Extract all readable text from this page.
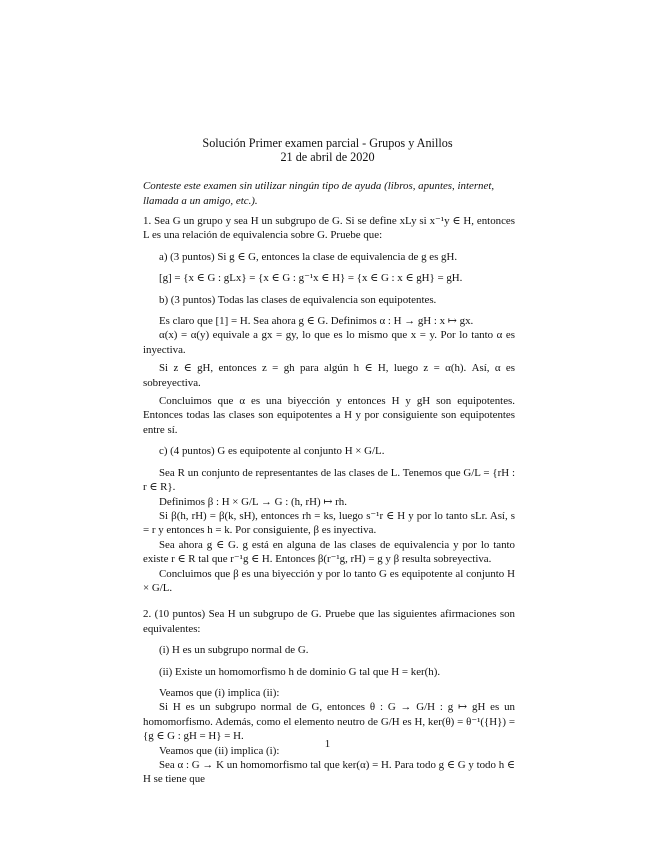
Solución Primer examen parcial - Grupos y Anillos
21 de abril de 2020
Conteste este examen sin utilizar ningún tipo de ayuda (libros, apuntes, internet, llamada a un amigo, etc.).

1. Sea G un grupo y sea H un subgrupo de G. Si se define xLy si x⁻¹y ∈ H, entonces L es una relación de equivalencia sobre G. Pruebe que:

a) (3 puntos) Si g ∈ G, entonces la clase de equivalencia de g es gH.

[g] = {x ∈ G : gLx} = {x ∈ G : g⁻¹x ∈ H} = {x ∈ G : x ∈ gH} = gH.

b) (3 puntos) Todas las clases de equivalencia son equipotentes.

Es claro que [1] = H. Sea ahora g ∈ G. Definimos α : H → gH : x ↦ gx.

α(x) = α(y) equivale a gx = gy, lo que es lo mismo que x = y. Por lo tanto α es inyectiva.

Si z ∈ gH, entonces z = gh para algún h ∈ H, luego z = α(h). Así, α es sobreyectiva.

Concluimos que α es una biyección y entonces H y gH son equipotentes. Entonces todas las clases son equipotentes a H y por consiguiente son equipotentes entre sí.

c) (4 puntos) G es equipotente al conjunto H × G/L.

Sea R un conjunto de representantes de las clases de L. Tenemos que G/L = {rH : r ∈ R}.

Definimos β : H × G/L → G : (h, rH) ↦ rh.

Si β(h, rH) = β(k, sH), entonces rh = ks, luego s⁻¹r ∈ H y por lo tanto sLr. Así, s = r y entonces h = k. Por consiguiente, β es inyectiva.

Sea ahora g ∈ G. g está en alguna de las clases de equivalencia y por lo tanto existe r ∈ R tal que r⁻¹g ∈ H. Entonces β(r⁻¹g, rH) = g y β resulta sobreyectiva.

Concluimos que β es una biyección y por lo tanto G es equipotente al conjunto H × G/L.

2. (10 puntos) Sea H un subgrupo de G. Pruebe que las siguientes afirmaciones son equivalentes:

(i) H es un subgrupo normal de G.

(ii) Existe un homomorfismo h de dominio G tal que H = ker(h).

Veamos que (i) implica (ii):

Si H es un subgrupo normal de G, entonces θ : G → G/H : g ↦ gH es un homomorfismo. Además, como el elemento neutro de G/H es H, ker(θ) = θ⁻¹({H}) = {g ∈ G : gH = H} = H.

Veamos que (ii) implica (i):

Sea α : G → K un homomorfismo tal que ker(α) = H. Para todo g ∈ G y todo h ∈ H se tiene que

1
